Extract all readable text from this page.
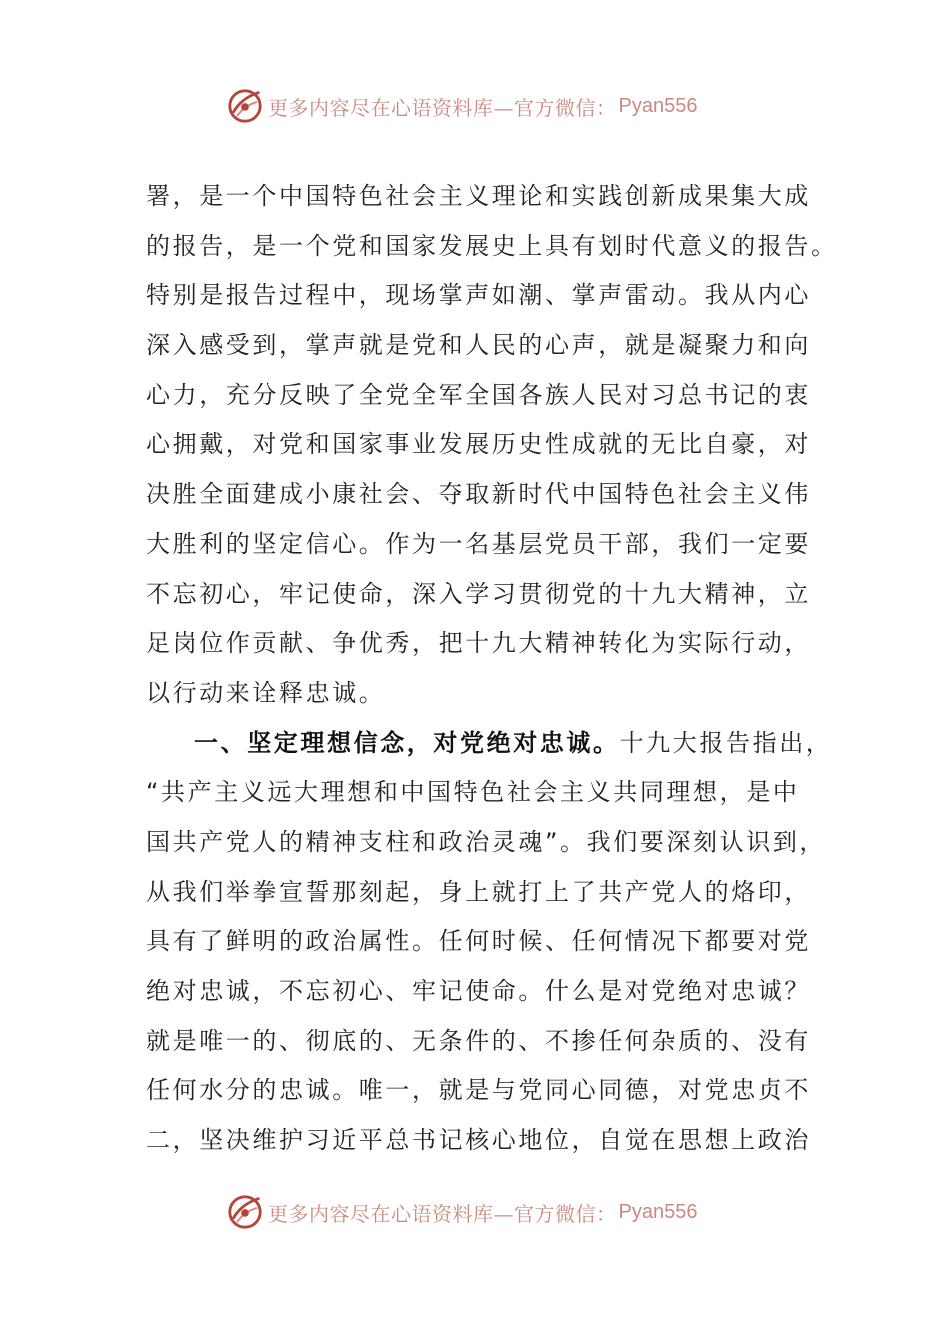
更多内容尽在心语资料库—官方微信： Pyan556
署，是一个中国特色社会主义理论和实践创新成果集大成
的报告，是一个党和国家发展史上具有划时代意义的报告。
特别是报告过程中，现场掌声如潮、掌声雷动。我从内心
深入感受到，掌声就是党和人民的心声，就是凝聚力和向
心力，充分反映了全党全军全国各族人民对习总书记的衷
心拥戴，对党和国家事业发展历史性成就的无比自豪，对
决胜全面建成小康社会、夺取新时代中国特色社会主义伟
大胜利的坚定信心。作为一名基层党员干部，我们一定要
不忘初心，牢记使命，深入学习贯彻党的十九大精神，立
足岗位作贡献、争优秀，把十九大精神转化为实际行动，
以行动来诠释忠诚。
一、坚定理想信念，对党绝对忠诚。十九大报告指出，
“共产主义远大理想和中国特色社会主义共同理想，是中
国共产党人的精神支柱和政治灵魂”。我们要深刻认识到，
从我们举拳宣誓那刻起，身上就打上了共产党人的烙印，
具有了鲜明的政治属性。任何时候、任何情况下都要对党
绝对忠诚，不忘初心、牢记使命。什么是对党绝对忠诚？
就是唯一的、彻底的、无条件的、不掺任何杂质的、没有
任何水分的忠诚。唯一，就是与党同心同德，对党忠贞不
二，坚决维护习近平总书记核心地位，自觉在思想上政治
更多内容尽在心语资料库—官方微信： Pyan556
